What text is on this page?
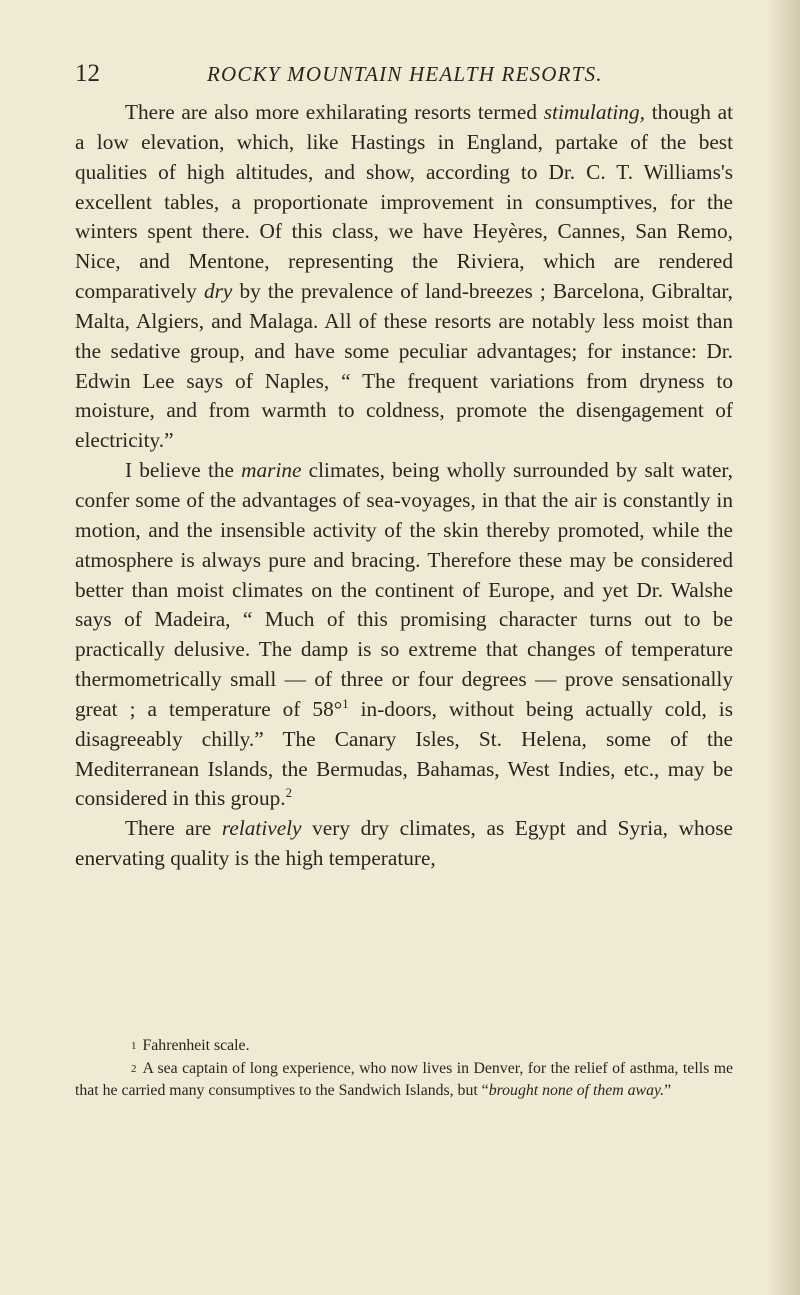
12	ROCKY MOUNTAIN HEALTH RESORTS.

There are also more exhilarating resorts termed stimulating, though at a low elevation, which, like Hastings in England, partake of the best qualities of high altitudes, and show, according to Dr. C. T. Williams's excellent tables, a proportionate improvement in consumptives, for the winters spent there. Of this class, we have Heyères, Cannes, San Remo, Nice, and Mentone, representing the Riviera, which are rendered comparatively dry by the prevalence of land-breezes ; Barcelona, Gibraltar, Malta, Algiers, and Malaga. All of these resorts are notably less moist than the sedative group, and have some peculiar advantages; for instance: Dr. Edwin Lee says of Naples, “ The frequent variations from dryness to moisture, and from warmth to coldness, promote the disengagement of electricity.”

I believe the marine climates, being wholly surrounded by salt water, confer some of the advantages of sea-voyages, in that the air is constantly in motion, and the insensible activity of the skin thereby promoted, while the atmosphere is always pure and bracing. Therefore these may be considered better than moist climates on the continent of Europe, and yet Dr. Walshe says of Madeira, “ Much of this promising character turns out to be practically delusive. The damp is so extreme that changes of temperature thermometrically small — of three or four degrees — prove sensationally great ; a temperature of 58°$^1$ in-doors, without being actually cold, is disagreeably chilly.” The Canary Isles, St. Helena, some of the Mediterranean Islands, the Bermudas, Bahamas, West Indies, etc., may be considered in this group.$^2$

There are relatively very dry climates, as Egypt and Syria, whose enervating quality is the high temperature,

1 Fahrenheit scale.

2 A sea captain of long experience, who now lives in Denver, for the relief of asthma, tells me that he carried many consumptives to the Sandwich Islands, but “brought none of them away.”
